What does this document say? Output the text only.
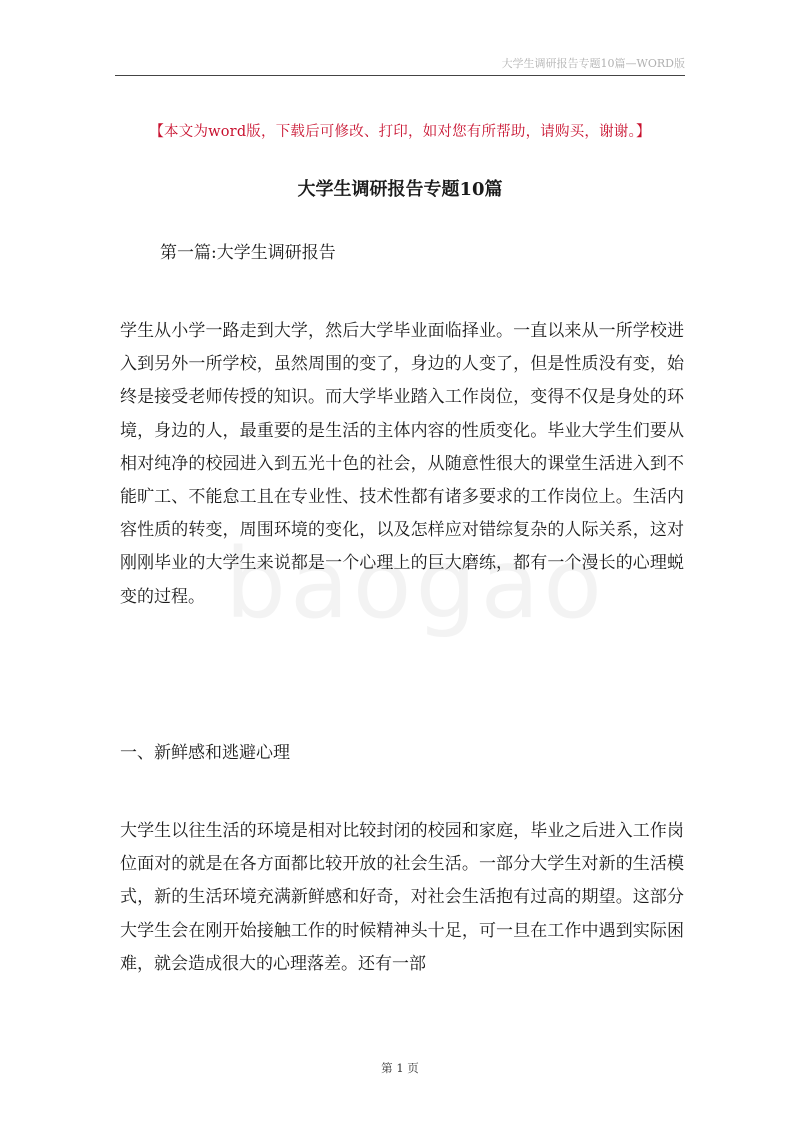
大学生调研报告专题10篇—WORD版
【本文为word版，下载后可修改、打印，如对您有所帮助，请购买，谢谢。】
大学生调研报告专题10篇
第一篇:大学生调研报告
学生从小学一路走到大学，然后大学毕业面临择业。一直以来从一所学校进入到另外一所学校，虽然周围的变了，身边的人变了，但是性质没有变，始终是接受老师传授的知识。而大学毕业踏入工作岗位，变得不仅是身处的环境，身边的人，最重要的是生活的主体内容的性质变化。毕业大学生们要从相对纯净的校园进入到五光十色的社会，从随意性很大的课堂生活进入到不能旷工、不能怠工且在专业性、技术性都有诸多要求的工作岗位上。生活内容性质的转变，周围环境的变化，以及怎样应对错综复杂的人际关系，这对刚刚毕业的大学生来说都是一个心理上的巨大磨练，都有一个漫长的心理蜕变的过程。
一、新鲜感和逃避心理
大学生以往生活的环境是相对比较封闭的校园和家庭，毕业之后进入工作岗位面对的就是在各方面都比较开放的社会生活。一部分大学生对新的生活模式，新的生活环境充满新鲜感和好奇，对社会生活抱有过高的期望。这部分大学生会在刚开始接触工作的时候精神头十足，可一旦在工作中遇到实际困难，就会造成很大的心理落差。还有一部
第 1 页
